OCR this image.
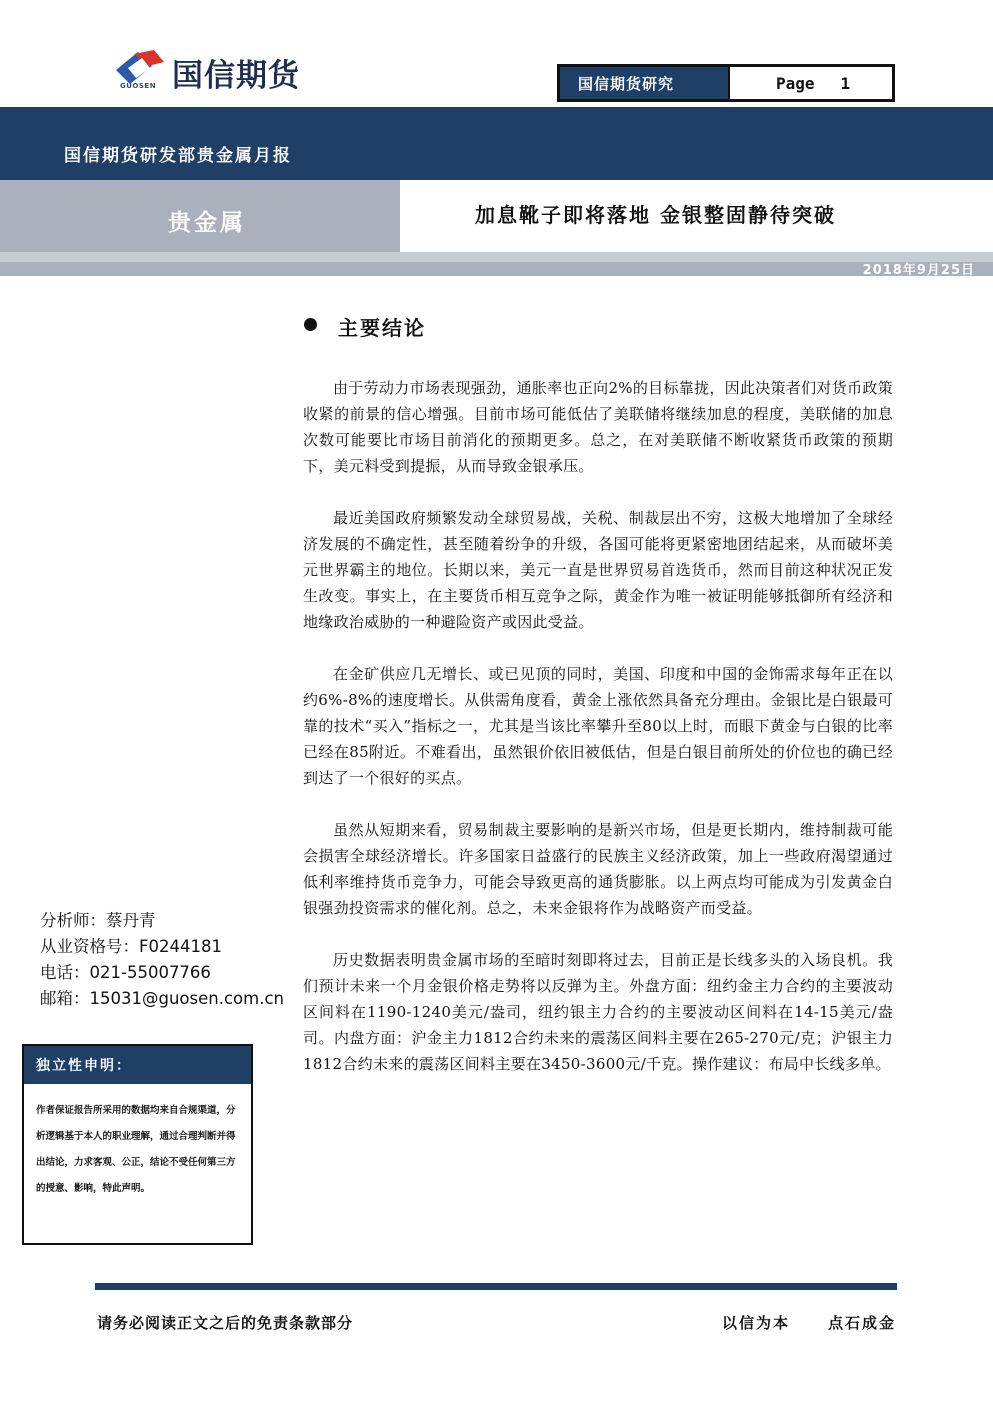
国信期货
GUOSEN	国信期货研究	Page 1
国信期货研发部贵金属月报
贵金属	加息靴子即将落地 金银整固静待突破
2018年9月25日
主要结论

由于劳动力市场表现强劲，通胀率也正向2%的目标靠拢，因此决策者们对货币政策收紧的前景的信心增强。目前市场可能低估了美联储将继续加息的程度，美联储的加息次数可能要比市场目前消化的预期更多。总之，在对美联储不断收紧货币政策的预期下，美元料受到提振，从而导致金银承压。

最近美国政府频繁发动全球贸易战，关税、制裁层出不穷，这极大地增加了全球经济发展的不确定性，甚至随着纷争的升级，各国可能将更紧密地团结起来，从而破坏美元世界霸主的地位。长期以来，美元一直是世界贸易首选货币，然而目前这种状况正发生改变。事实上，在主要货币相互竞争之际，黄金作为唯一被证明能够抵御所有经济和地缘政治威胁的一种避险资产或因此受益。

在金矿供应几无增长、或已见顶的同时，美国、印度和中国的金饰需求每年正在以约6%-8%的速度增长。从供需角度看，黄金上涨依然具备充分理由。金银比是白银最可靠的技术“买入”指标之一，尤其是当该比率攀升至80以上时，而眼下黄金与白银的比率已经在85附近。不难看出，虽然银价依旧被低估，但是白银目前所处的价位也的确已经到达了一个很好的买点。

虽然从短期来看，贸易制裁主要影响的是新兴市场，但是更长期内，维持制裁可能会损害全球经济增长。许多国家日益盛行的民族主义经济政策，加上一些政府渴望通过低利率维持货币竞争力，可能会导致更高的通货膨胀。以上两点均可能成为引发黄金白银强劲投资需求的催化剂。总之，未来金银将作为战略资产而受益。

历史数据表明贵金属市场的至暗时刻即将过去，目前正是长线多头的入场良机。我们预计未来一个月金银价格走势将以反弹为主。外盘方面：纽约金主力合约的主要波动区间料在1190-1240美元/盎司，纽约银主力合约的主要波动区间料在14-15美元/盎司。内盘方面：沪金主力1812合约未来的震荡区间料主要在265-270元/克；沪银主力1812合约未来的震荡区间料主要在3450-3600元/千克。操作建议：布局中长线多单。

分析师：蔡丹青
从业资格号：F0244181
电话：021-55007766
邮箱：15031@guosen.com.cn
独立性申明：
作者保证报告所采用的数据均来自合规渠道，分析逻辑基于本人的职业理解，通过合理判断并得出结论，力求客观、公正，结论不受任何第三方的授意、影响，特此声明。
请务必阅读正文之后的免责条款部分	以信为本	点石成金
